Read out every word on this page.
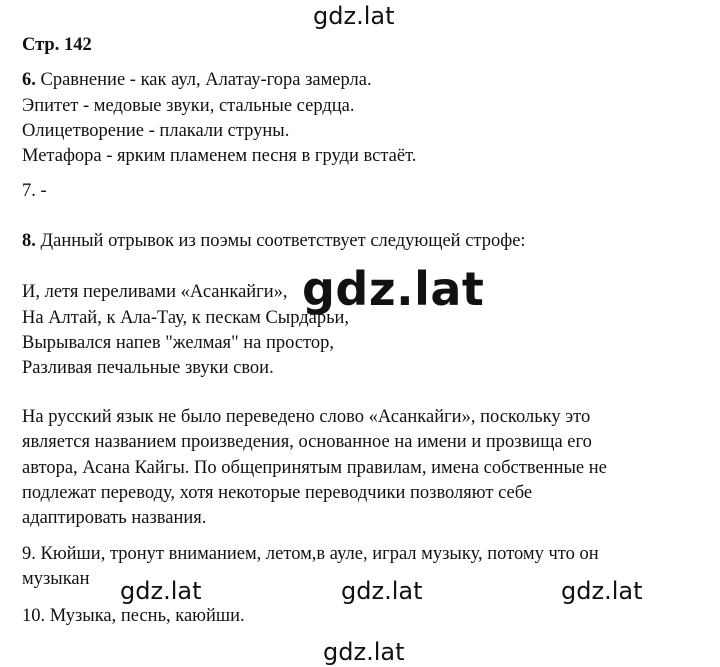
gdz.lat
Стр. 142
6. Сравнение - как аул, Алатау-гора замерла.
Эпитет - медовые звуки, стальные сердца.
Олицетворение - плакали струны.
Метафора - ярким пламенем песня в груди встаёт.
7. -
8. Данный отрывок из поэмы соответствует следующей строфе:
И, летя переливами «Асанкайги»,
На Алтай, к Ала-Тау, к пескам Сырдарьи,
Вырывался напев "желмая" на простор,
Разливая печальные звуки свои.
gdz.lat
На русский язык не было переведено слово «Асанкайги», поскольку это
является названием произведения, основанное на имени и прозвища его
автора, Асана Кайгы. По общепринятым правилам, имена собственные не
подлежат переводу, хотя некоторые переводчики позволяют себе
адаптировать названия.
9. Кюйши, тронут вниманием, летом,в ауле, играл музыку, потому что он
музыкан gdz.lat	gdz.lat	gdz.lat
10. Музыка, песнь, каюйши.
gdz.lat
